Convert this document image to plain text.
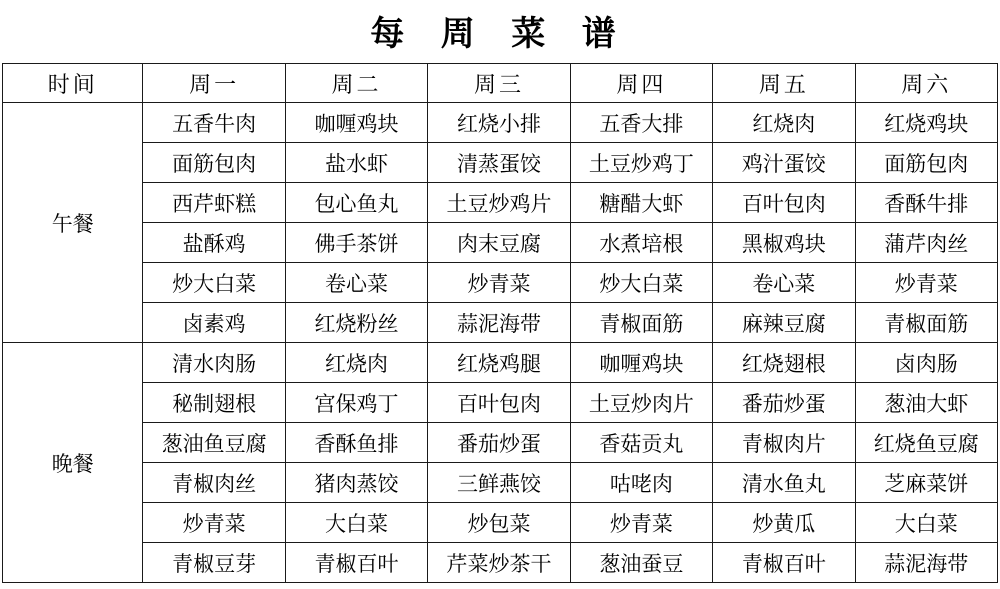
每 周 菜 谱
时间	周一	周二	周三	周四	周五	周六
午餐	五香牛肉	咖喱鸡块	红烧小排	五香大排	红烧肉	红烧鸡块
	面筋包肉	盐水虾	清蒸蛋饺	土豆炒鸡丁	鸡汁蛋饺	面筋包肉
	西芹虾糕	包心鱼丸	土豆炒鸡片	糖醋大虾	百叶包肉	香酥牛排
	盐酥鸡	佛手茶饼	肉末豆腐	水煮培根	黑椒鸡块	蒲芹肉丝
	炒大白菜	卷心菜	炒青菜	炒大白菜	卷心菜	炒青菜
	卤素鸡	红烧粉丝	蒜泥海带	青椒面筋	麻辣豆腐	青椒面筋
晚餐	清水肉肠	红烧肉	红烧鸡腿	咖喱鸡块	红烧翅根	卤肉肠
	秘制翅根	宫保鸡丁	百叶包肉	土豆炒肉片	番茄炒蛋	葱油大虾
	葱油鱼豆腐	香酥鱼排	番茄炒蛋	香菇贡丸	青椒肉片	红烧鱼豆腐
	青椒肉丝	猪肉蒸饺	三鲜燕饺	咕咾肉	清水鱼丸	芝麻菜饼
	炒青菜	大白菜	炒包菜	炒青菜	炒黄瓜	大白菜
	青椒豆芽	青椒百叶	芹菜炒茶干	葱油蚕豆	青椒百叶	蒜泥海带
